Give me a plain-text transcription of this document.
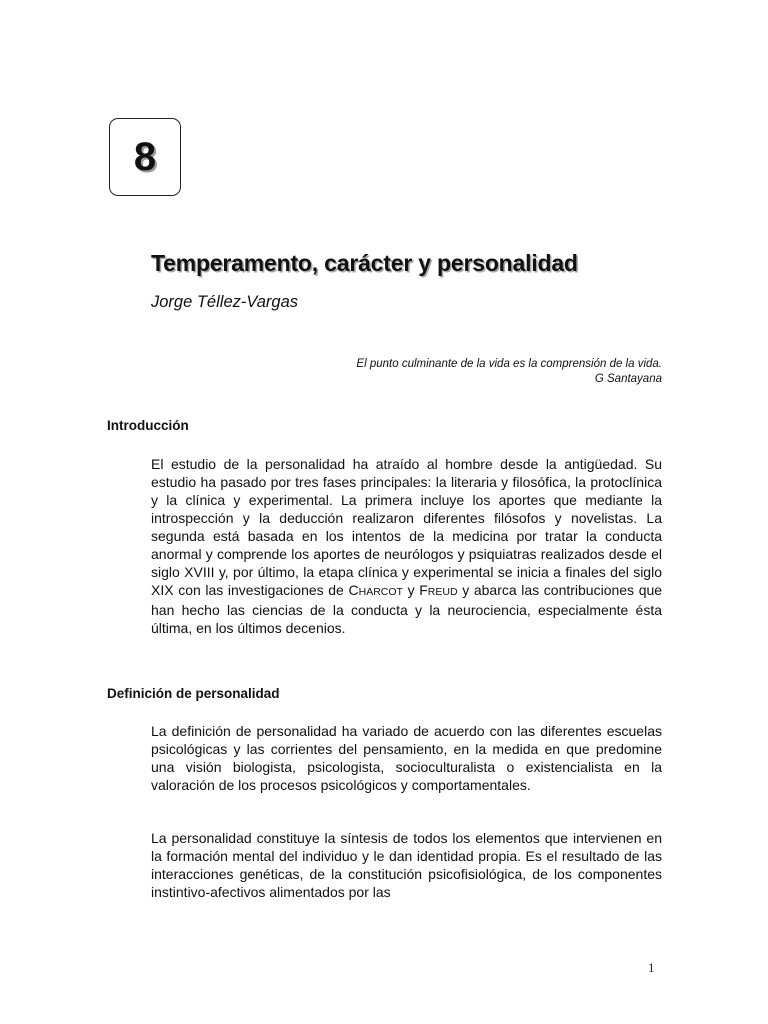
8
Temperamento, carácter y personalidad

Jorge Téllez-Vargas

El punto culminante de la vida es la comprensión de la vida.
G Santayana
Introducción

El estudio de la personalidad ha atraído al hombre desde la antigüedad. Su estudio ha pasado por tres fases principales: la literaria y filosófica, la protoclínica y la clínica y experimental. La primera incluye los aportes que mediante la introspección y la deducción realizaron diferentes filósofos y novelistas. La segunda está basada en los intentos de la medicina por tratar la conducta anormal y comprende los aportes de neurólogos y psiquiatras realizados desde el siglo XVIII y, por último, la etapa clínica y experimental se inicia a finales del siglo XIX con las investigaciones de CHARCOT y FREUD y abarca las contribuciones que han hecho las ciencias de la conducta y la neurociencia, especialmente ésta última, en los últimos decenios.

Definición de personalidad

La definición de personalidad ha variado de acuerdo con las diferentes escuelas psicológicas y las corrientes del pensamiento, en la medida en que predomine una visión biologista, psicologista, socioculturalista o existencialista en la valoración de los procesos psicológicos y comportamentales.

La personalidad constituye la síntesis de todos los elementos que intervienen en la formación mental del individuo y le dan identidad propia. Es el resultado de las interacciones genéticas, de la constitución psicofisiológica, de los componentes instintivo-afectivos alimentados por las

1
